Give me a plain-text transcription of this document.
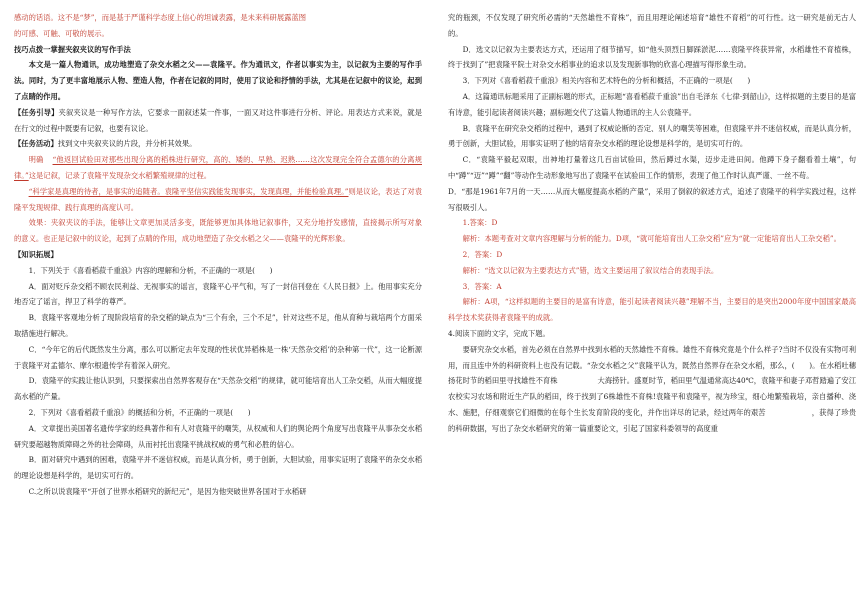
感动的话语。这不是“梦”，而是基于严谨科学态度上信心的坦诚表露，是未来科研展露蓝图

的可感、可触、可敬的展示。

技巧点拨一掌握夹叙夹议的写作手法

本文是一篇人物通讯，成功地塑造了杂交水稻之父——袁隆平。作为通讯文，作者以事实为主，以记叙为主要的写作手法。同时，为了更丰富地展示人物、塑造人物，作者在记叙的同时，使用了议论和抒情的手法，尤其是在记叙中的议论，起到了点睛的作用。

【任务引导】夹叙夹议是一种写作方法，它要求一面叙述某一件事，一面又对这件事进行分析、评论。用表达方式来说，就是在行文的过程中既要有记叙，也要有议论。

【任务活动】找到文中夹叙夹议的片段，并分析其效果。

明确 “他返回试验田对那些出现分离的稻株进行研究，高的、矮的、早熟、迟熟……这次发现完全符合孟德尔的分离规律。”这是记叙，记录了袁隆平发现杂交水稻繁殖规律的过程。

“科学家是真理的待者，是事实的追随者。袁隆平坚信实践能发现事实，发现真理，并能检验真理。”则是议论，表达了对袁隆平发现规律、践行真理的高度认可。

效果：夹叙夹议的手法，能够让文章更加灵活多变，既能够更加具体地记叙事件，又充分地抒发感情，直接揭示所写对象的意义。也正是记叙中的议论，起到了点睛的作用，成功地塑造了杂交水稻之父——袁隆平的光辉形象。

【知识拓展】

1．下列关于《喜看稻菽千重浪》内容的理解和分析，不正确的一项是(　　)

A．面对贬斥杂交稻不顾农民利益、无视事实的谣言，袁隆平心平气和，写了一封信刊登在《人民日报》上。他用事实充分地否定了谣言，捍卫了科学的尊严。

B．袁隆平客观地分析了现阶段培育的杂交稻的缺点为“三个有余，三个不足”，针对这些不足，他从育种与栽培两个方面采取措施进行解决。

C．“今年它的后代既然发生分离，那么可以断定去年发现的性状优异稻株是一株‘天然杂交稻’的杂种第一代”，这一论断源于袁隆平对孟德尔、摩尔根遗传学有着深入研究。

D．袁隆平的实践让他认识到，只要探索出自然界客观存在“天然杂交稻”的规律，就可能培育出人工杂交稻，从而大幅度提高水稻的产量。

2．下列对《喜看稻菽千重浪》的概括和分析，不正确的一项是(　　)

A．文章提出美国著名遗传学家的经典著作和有人对袁隆平的嘲笑，从权威和人们的舆论两个角度写出袁隆平从事杂交水稻研究要超越物质障碍之外的社会障碍，从而衬托出袁隆平挑战权威的勇气和必胜的信心。

B．面对研究中遇到的困难，袁隆平并不迷信权威，而是认真分析，勇于创新，大胆试验，用事实证明了袁隆平的杂交水稻的理论设想是科学的，是切实可行的。

C.之所以说袁隆平“开创了世界水稻研究的新纪元”，是因为他突破世界各国对于水稻研

究的瓶颈，不仅发现了研究所必需的“天然雄性不育株”，而且用理论阐述培育“雄性不育稻”的可行性。这一研究是前无古人的。

D．选文以记叙为主要表达方式，还运用了细节描写，如“他头顶烈日脚踩淤泥……袁隆平终获异常，水稻雄性不育植株，终于找到了”把袁隆平院士对杂交水稻事业的追求以及发现新事物的欣喜心理描写得形象生动。

3．下列对《喜看稻菽千重浪》相关内容和艺术特色的分析和概括，不正确的一项是(　　)

A．这篇通讯标题采用了正副标题的形式，正标题“喜看稻菽千重浪”出自毛泽东《七律·到韶山》，这样拟题的主要目的是富有诗意，能引起读者阅读兴趣；副标题交代了这篇人物通讯的主人公袁隆平。

B．袁隆平在研究杂交稻的过程中，遇到了权威论断的否定、别人的嘲笑等困难，但袁隆平并不迷信权威，而是认真分析，勇于创新，大胆试验，用事实证明了他的培育杂交水稻的理论设想是科学的，是切实可行的。

C．“袁隆平毅起双眼，出神地打量着这几百亩试验田，然后蹲过水渠，迈步走进田间。他蹲下身子翻看着土壤”，句中“蹲”“迈”“蹲”“翻”等动作生动形象地写出了袁隆平在试验田工作的情形，表现了他工作时认真严谨、一丝不苟。

D．“那是1961年7月的一天……从而大幅度提高水稻的产量”，采用了倒叙的叙述方式，追述了袁隆平的科学实践过程，这样写很吸引人。

1.答案：D

解析：本题考查对文章内容理解与分析的能力。D项，“就可能培育出人工杂交稻”应为“就一定能培育出人工杂交稻”。

2．答案：D

解析：“选文以记叙为主要表达方式”错，选文主要运用了叙议结合的表现手法。

3．答案：A

解析：A项，“这样拟题的主要目的是富有诗意，能引起读者阅读兴趣”理解不当，主要目的是突出2000年度中国国家最高科学技术奖获得者袁隆平的成就。

4.阅读下面的文字，完成下题。

要研究杂交水稻，首先必须在自然界中找到水稻的天然雄性不育株。雄性不育株究竟是个什么样子?当时不仅没有实物可利用，而且连中外的科研资料上也没有记载。“杂交水稻之父”袁隆平认为，既然自然界存在杂交水稻，那么，(　　)。在水稻吐穗扬花时节的稻田里寻找雄性不育株	大海捞针。盛夏时节，稻田里气温通常高达40℃，袁隆平和妻子邓哲踏遍了安江农校实习农场和附近生产队的稻田，终于找到了6株雄性不育株!袁隆平和袁隆平，视为珍宝，细心地繁殖栽培，亲自播种、浇水、施肥，仔细观察它们细微的在每个生长发育阶段的变化，并作出详尽的记录，经过两年的艰苦	，获得了珍贵的科研数据，写出了杂交水稻研究的第一篇重要论文，引起了国家科委领导的高度重
